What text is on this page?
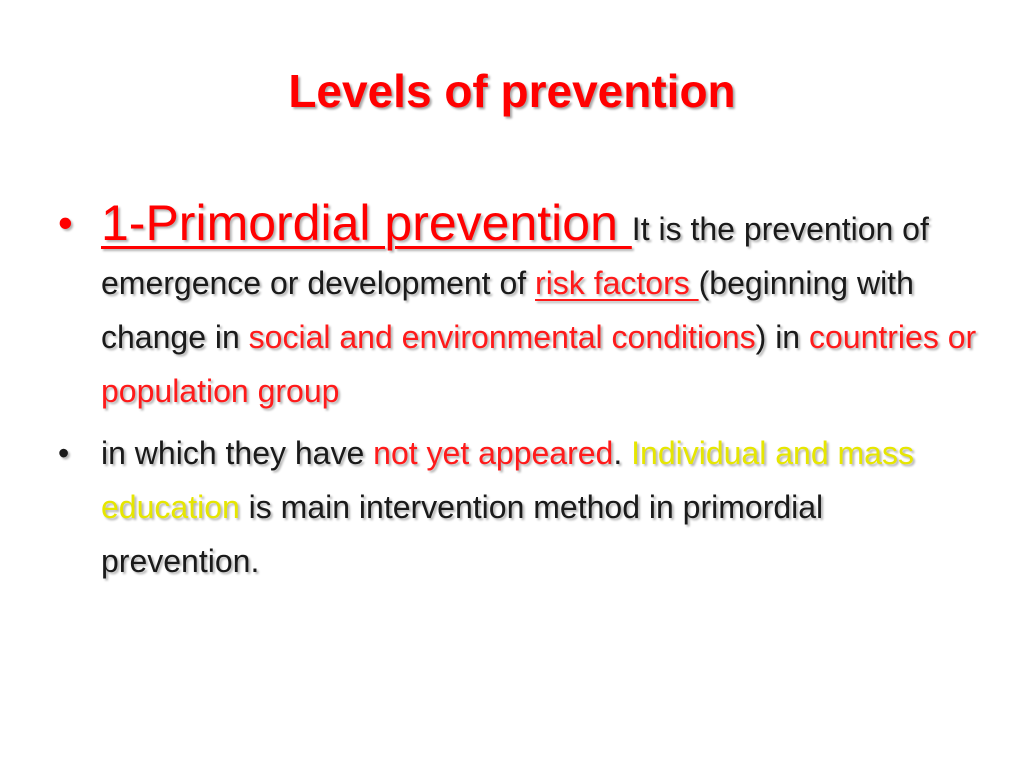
Levels of prevention
• 1-Primordial prevention It is the prevention of emergence or development of risk factors (beginning with change in social and environmental conditions) in countries or population group
• in which they have not yet appeared. Individual and mass education is main intervention method in primordial prevention.
